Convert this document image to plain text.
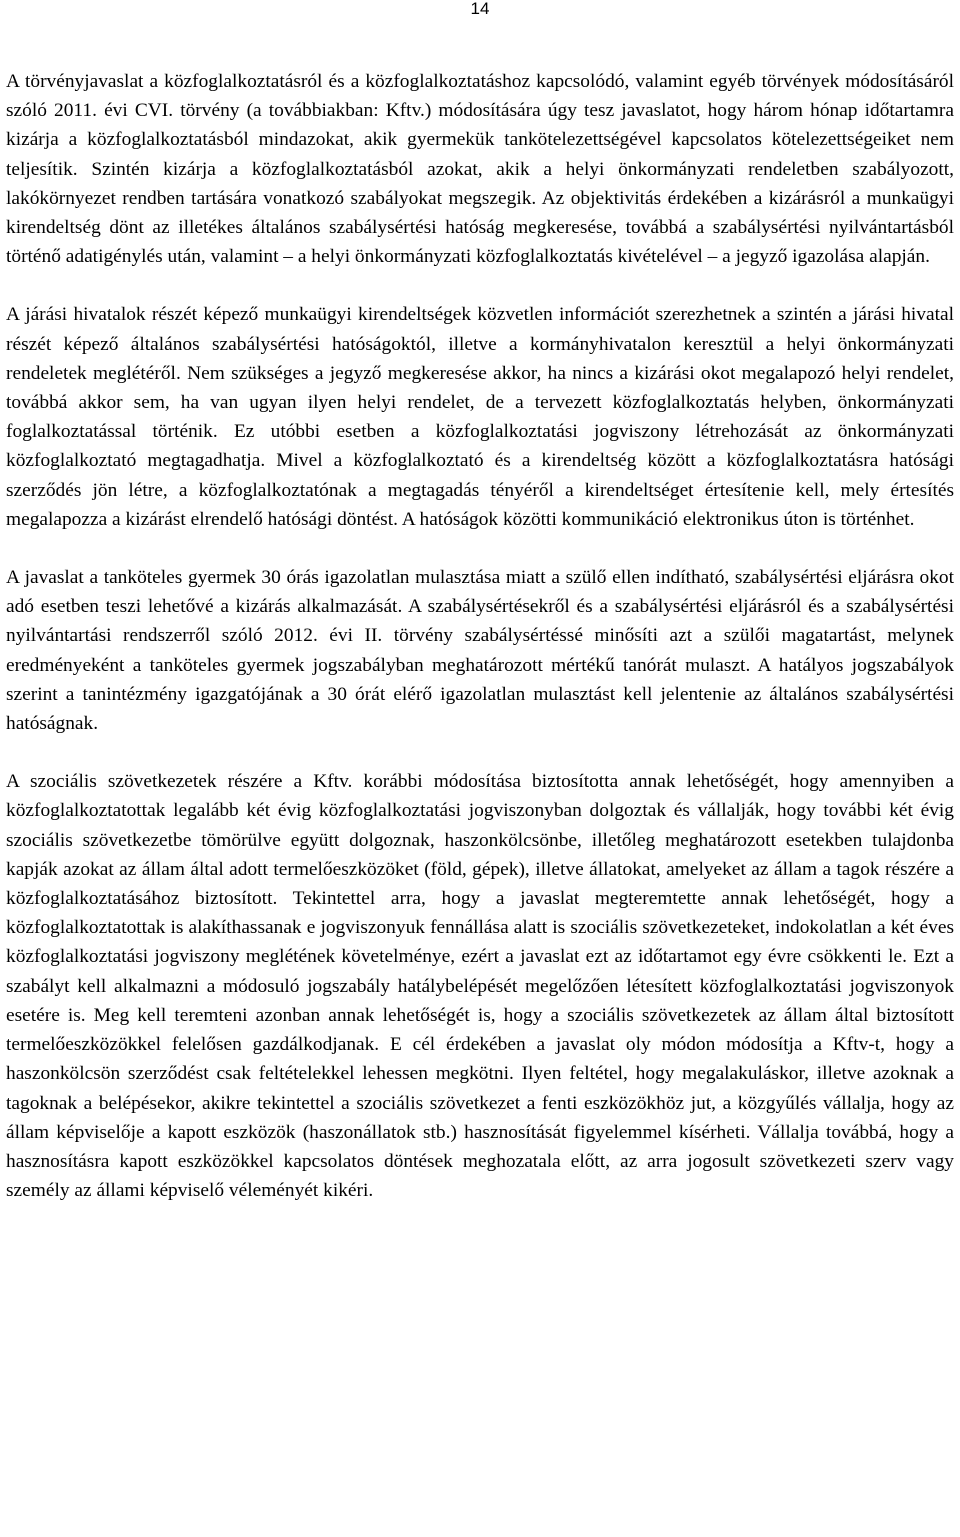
14

A törvényjavaslat a közfoglalkoztatásról és a közfoglalkoztatáshoz kapcsolódó, valamint egyéb törvények módosításáról szóló 2011. évi CVI. törvény (a továbbiakban: Kftv.) módosítására úgy tesz javaslatot, hogy három hónap időtartamra kizárja a közfoglalkoztatásból mindazokat, akik gyermekük tankötelezettségével kapcsolatos kötelezettségeiket nem teljesítik. Szintén kizárja a közfoglalkoztatásból azokat, akik a helyi önkormányzati rendeletben szabályozott, lakókörnyezet rendben tartására vonatkozó szabályokat megszegik. Az objektivitás érdekében a kizárásról a munkaügyi kirendeltség dönt az illetékes általános szabálysértési hatóság megkeresése, továbbá a szabálysértési nyilvántartásból történő adatigénylés után, valamint – a helyi önkormányzati közfoglalkoztatás kivételével – a jegyző igazolása alapján.

A járási hivatalok részét képező munkaügyi kirendeltségek közvetlen információt szerezhetnek a szintén a járási hivatal részét képező általános szabálysértési hatóságoktól, illetve a kormányhivatalon keresztül a helyi önkormányzati rendeletek meglétéről. Nem szükséges a jegyző megkeresése akkor, ha nincs a kizárási okot megalapozó helyi rendelet, továbbá akkor sem, ha van ugyan ilyen helyi rendelet, de a tervezett közfoglalkoztatás helyben, önkormányzati foglalkoztatással történik. Ez utóbbi esetben a közfoglalkoztatási jogviszony létrehozását az önkormányzati közfoglalkoztató megtagadhatja. Mivel a közfoglalkoztató és a kirendeltség között a közfoglalkoztatásra hatósági szerződés jön létre, a közfoglalkoztatónak a megtagadás tényéről a kirendeltséget értesítenie kell, mely értesítés megalapozza a kizárást elrendelő hatósági döntést. A hatóságok közötti kommunikáció elektronikus úton is történhet.

A javaslat a tanköteles gyermek 30 órás igazolatlan mulasztása miatt a szülő ellen indítható, szabálysértési eljárásra okot adó esetben teszi lehetővé a kizárás alkalmazását. A szabálysértésekről és a szabálysértési eljárásról és a szabálysértési nyilvántartási rendszerről szóló 2012. évi II. törvény szabálysértéssé minősíti azt a szülői magatartást, melynek eredményeként a tanköteles gyermek jogszabályban meghatározott mértékű tanórát mulaszt. A hatályos jogszabályok szerint a tanintézmény igazgatójának a 30 órát elérő igazolatlan mulasztást kell jelentenie az általános szabálysértési hatóságnak.

A szociális szövetkezetek részére a Kftv. korábbi módosítása biztosította annak lehetőségét, hogy amennyiben a közfoglalkoztatottak legalább két évig közfoglalkoztatási jogviszonyban dolgoztak és vállalják, hogy további két évig szociális szövetkezetbe tömörülve együtt dolgoznak, haszonkölcsönbe, illetőleg meghatározott esetekben tulajdonba kapják azokat az állam által adott termelőeszközöket (föld, gépek), illetve állatokat, amelyeket az állam a tagok részére a közfoglalkoztatásához biztosított. Tekintettel arra, hogy a javaslat megteremtette annak lehetőségét, hogy a közfoglalkoztatottak is alakíthassanak e jogviszonyuk fennállása alatt is szociális szövetkezeteket, indokolatlan a két éves közfoglalkoztatási jogviszony meglétének követelménye, ezért a javaslat ezt az időtartamot egy évre csökkenti le. Ezt a szabályt kell alkalmazni a módosuló jogszabály hatálybelépését megelőzően létesített közfoglalkoztatási jogviszonyok esetére is. Meg kell teremteni azonban annak lehetőségét is, hogy a szociális szövetkezetek az állam által biztosított termelőeszközökkel felelősen gazdálkodjanak. E cél érdekében a javaslat oly módon módosítja a Kftv-t, hogy a haszonkölcsön szerződést csak feltételekkel lehessen megkötni. Ilyen feltétel, hogy megalakuláskor, illetve azoknak a tagoknak a belépésekor, akikre tekintettel a szociális szövetkezet a fenti eszközökhöz jut, a közgyűlés vállalja, hogy az állam képviselője a kapott eszközök (haszonállatok stb.) hasznosítását figyelemmel kísérheti. Vállalja továbbá, hogy a hasznosításra kapott eszközökkel kapcsolatos döntések meghozatala előtt, az arra jogosult szövetkezeti szerv vagy személy az állami képviselő véleményét kikéri.
